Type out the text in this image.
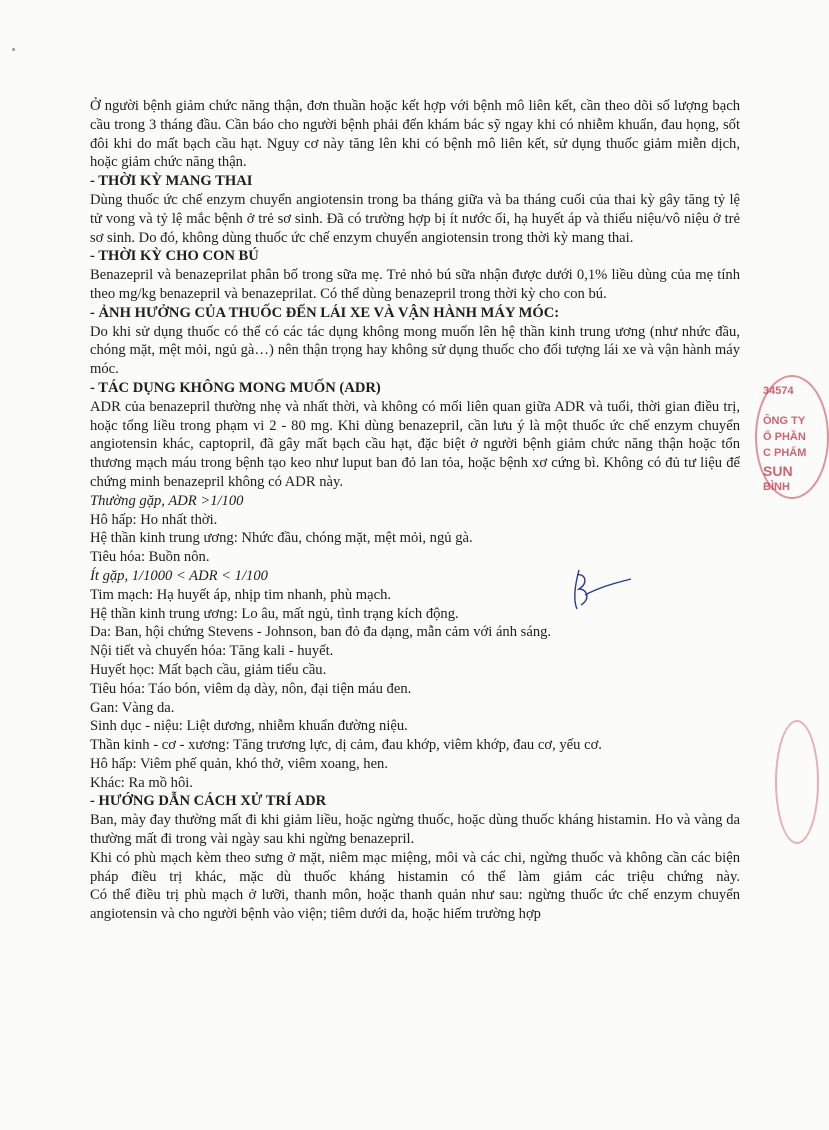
Ở người bệnh giảm chức năng thận, đơn thuần hoặc kết hợp với bệnh mô liên kết, cần theo dõi số lượng bạch cầu trong 3 tháng đầu. Cần báo cho người bệnh phải đến khám bác sỹ ngay khi có nhiễm khuẩn, đau họng, sốt đôi khi do mất bạch cầu hạt. Nguy cơ này tăng lên khi có bệnh mô liên kết, sử dụng thuốc giảm miễn dịch, hoặc giảm chức năng thận.

- THỜI KỲ MANG THAI

Dùng thuốc ức chế enzym chuyển angiotensin trong ba tháng giữa và ba tháng cuối của thai kỳ gây tăng tỷ lệ tử vong và tỷ lệ mắc bệnh ở trẻ sơ sinh. Đã có trường hợp bị ít nước ối, hạ huyết áp và thiểu niệu/vô niệu ở trẻ sơ sinh. Do đó, không dùng thuốc ức chế enzym chuyển angiotensin trong thời kỳ mang thai.

- THỜI KỲ CHO CON BÚ

Benazepril và benazeprilat phân bố trong sữa mẹ. Trẻ nhỏ bú sữa nhận được dưới 0,1% liều dùng của mẹ tính theo mg/kg benazepril và benazeprilat. Có thể dùng benazepril trong thời kỳ cho con bú.

- ẢNH HƯỞNG CỦA THUỐC ĐẾN LÁI XE VÀ VẬN HÀNH MÁY MÓC:

Do khi sử dụng thuốc có thể có các tác dụng không mong muốn lên hệ thần kinh trung ương (như nhức đầu, chóng mặt, mệt mỏi, ngủ gà…) nên thận trọng hay không sử dụng thuốc cho đối tượng lái xe và vận hành máy móc.

- TÁC DỤNG KHÔNG MONG MUỐN (ADR)

ADR của benazepril thường nhẹ và nhất thời, và không có mối liên quan giữa ADR và tuổi, thời gian điều trị, hoặc tổng liều trong phạm vi 2 - 80 mg. Khi dùng benazepril, cần lưu ý là một thuốc ức chế enzym chuyển angiotensin khác, captopril, đã gây mất bạch cầu hạt, đặc biệt ở người bệnh giảm chức năng thận hoặc tổn thương mạch máu trong bệnh tạo keo như luput ban đỏ lan tỏa, hoặc bệnh xơ cứng bì. Không có đủ tư liệu để chứng minh benazepril không có ADR này.

Thường gặp, ADR >1/100

Hô hấp: Ho nhất thời.

Hệ thần kinh trung ương: Nhức đầu, chóng mặt, mệt mỏi, ngủ gà.

Tiêu hóa: Buồn nôn.

Ít gặp, 1/1000 < ADR < 1/100

Tim mạch: Hạ huyết áp, nhịp tim nhanh, phù mạch.

Hệ thần kinh trung ương: Lo âu, mất ngủ, tình trạng kích động.

Da: Ban, hội chứng Stevens - Johnson, ban đỏ đa dạng, mẫn cảm với ánh sáng.

Nội tiết và chuyển hóa: Tăng kali - huyết.

Huyết học: Mất bạch cầu, giảm tiểu cầu.

Tiêu hóa: Táo bón, viêm dạ dày, nôn, đại tiện máu đen.

Gan: Vàng da.

Sinh dục - niệu: Liệt dương, nhiễm khuẩn đường niệu.

Thần kinh - cơ - xương: Tăng trương lực, dị cảm, đau khớp, viêm khớp, đau cơ, yếu cơ.

Hô hấp: Viêm phế quản, khó thở, viêm xoang, hen.

Khác: Ra mồ hôi.

- HƯỚNG DẪN CÁCH XỬ TRÍ ADR

Ban, mày đay thường mất đi khi giảm liều, hoặc ngừng thuốc, hoặc dùng thuốc kháng histamin. Ho và vàng da thường mất đi trong vài ngày sau khi ngừng benazepril.

Khi có phù mạch kèm theo sưng ở mặt, niêm mạc miệng, môi và các chi, ngừng thuốc và không cần các biện pháp điều trị khác, mặc dù thuốc kháng histamin có thể làm giảm các triệu chứng này.

Có thể điều trị phù mạch ở lưỡi, thanh môn, hoặc thanh quản như sau: ngừng thuốc ức chế enzym chuyển angiotensin và cho người bệnh vào viện; tiêm dưới da, hoặc hiếm trường hợp

34574
ÔNG TY
Ổ PHẦN
C PHẨM
SUN
BÌNH
